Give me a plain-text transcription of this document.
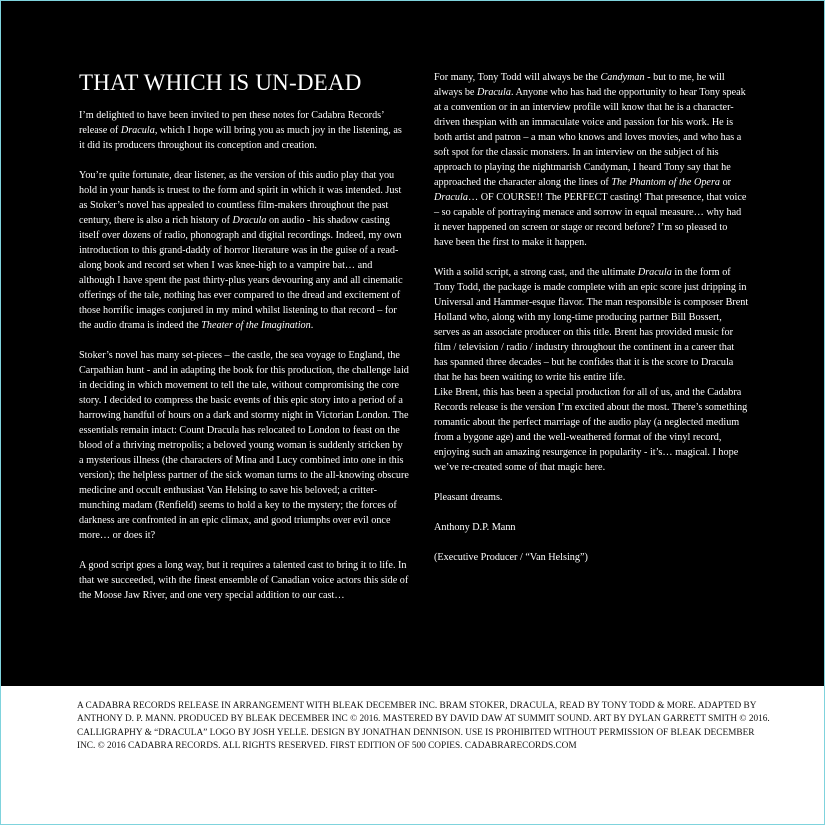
THAT WHICH IS UN-DEAD

I’m delighted to have been invited to pen these notes for Cadabra Records’ release of Dracula, which I hope will bring you as much joy in the listening, as it did its producers throughout its conception and creation.

You’re quite fortunate, dear listener, as the version of this audio play that you hold in your hands is truest to the form and spirit in which it was intended. Just as Stoker’s novel has appealed to countless film-makers throughout the past century, there is also a rich history of Dracula on audio - his shadow casting itself over dozens of radio, phonograph and digital recordings. Indeed, my own introduction to this grand-daddy of horror literature was in the guise of a read-along book and record set when I was knee-high to a vampire bat… and although I have spent the past thirty-plus years devouring any and all cinematic offerings of the tale, nothing has ever compared to the dread and excitement of those horrific images conjured in my mind whilst listening to that record – for the audio drama is indeed the Theater of the Imagination.

Stoker’s novel has many set-pieces – the castle, the sea voyage to England, the Carpathian hunt - and in adapting the book for this production, the challenge laid in deciding in which movement to tell the tale, without compromising the core story. I decided to compress the basic events of this epic story into a period of a harrowing handful of hours on a dark and stormy night in Victorian London. The essentials remain intact: Count Dracula has relocated to London to feast on the blood of a thriving metropolis; a beloved young woman is suddenly stricken by a mysterious illness (the characters of Mina and Lucy combined into one in this version); the helpless partner of the sick woman turns to the all-knowing obscure medicine and occult enthusiast Van Helsing to save his beloved; a critter-munching madam (Renfield) seems to hold a key to the mystery; the forces of darkness are confronted in an epic climax, and good triumphs over evil once more… or does it?

A good script goes a long way, but it requires a talented cast to bring it to life. In that we succeeded, with the finest ensemble of Canadian voice actors this side of the Moose Jaw River, and one very special addition to our cast…

For many, Tony Todd will always be the Candyman - but to me, he will always be Dracula. Anyone who has had the opportunity to hear Tony speak at a convention or in an interview profile will know that he is a character-driven thespian with an immaculate voice and passion for his work. He is both artist and patron – a man who knows and loves movies, and who has a soft spot for the classic monsters. In an interview on the subject of his approach to playing the nightmarish Candyman, I heard Tony say that he approached the character along the lines of The Phantom of the Opera or Dracula… OF COURSE!! The PERFECT casting! That presence, that voice – so capable of portraying menace and sorrow in equal measure… why had it never happened on screen or stage or record before? I’m so pleased to have been the first to make it happen.

With a solid script, a strong cast, and the ultimate Dracula in the form of Tony Todd, the package is made complete with an epic score just dripping in Universal and Hammer-esque flavor. The man responsible is composer Brent Holland who, along with my long-time producing partner Bill Bossert, serves as an associate producer on this title. Brent has provided music for film / television / radio / industry throughout the continent in a career that has spanned three decades – but he confides that it is the score to Dracula that he has been waiting to write his entire life.

Like Brent, this has been a special production for all of us, and the Cadabra Records release is the version I’m excited about the most. There’s something romantic about the perfect marriage of the audio play (a neglected medium from a bygone age) and the well-weathered format of the vinyl record, enjoying such an amazing resurgence in popularity - it’s… magical. I hope we’ve re-created some of that magic here.

Pleasant dreams.

Anthony D.P. Mann

(Executive Producer / “Van Helsing”)

A CADABRA RECORDS RELEASE IN ARRANGEMENT WITH BLEAK DECEMBER INC. BRAM STOKER, DRACULA, READ BY TONY TODD & MORE. ADAPTED BY ANTHONY D. P. MANN. PRODUCED BY BLEAK DECEMBER INC © 2016. MASTERED BY DAVID DAW AT SUMMIT SOUND. ART BY DYLAN GARRETT SMITH © 2016. CALLIGRAPHY & “DRACULA” LOGO BY JOSH YELLE. DESIGN BY JONATHAN DENNISON. USE IS PROHIBITED WITHOUT PERMISSION OF BLEAK DECEMBER INC. © 2016 CADABRA RECORDS. ALL RIGHTS RESERVED. FIRST EDITION OF 500 COPIES. CADABRARECORDS.COM
